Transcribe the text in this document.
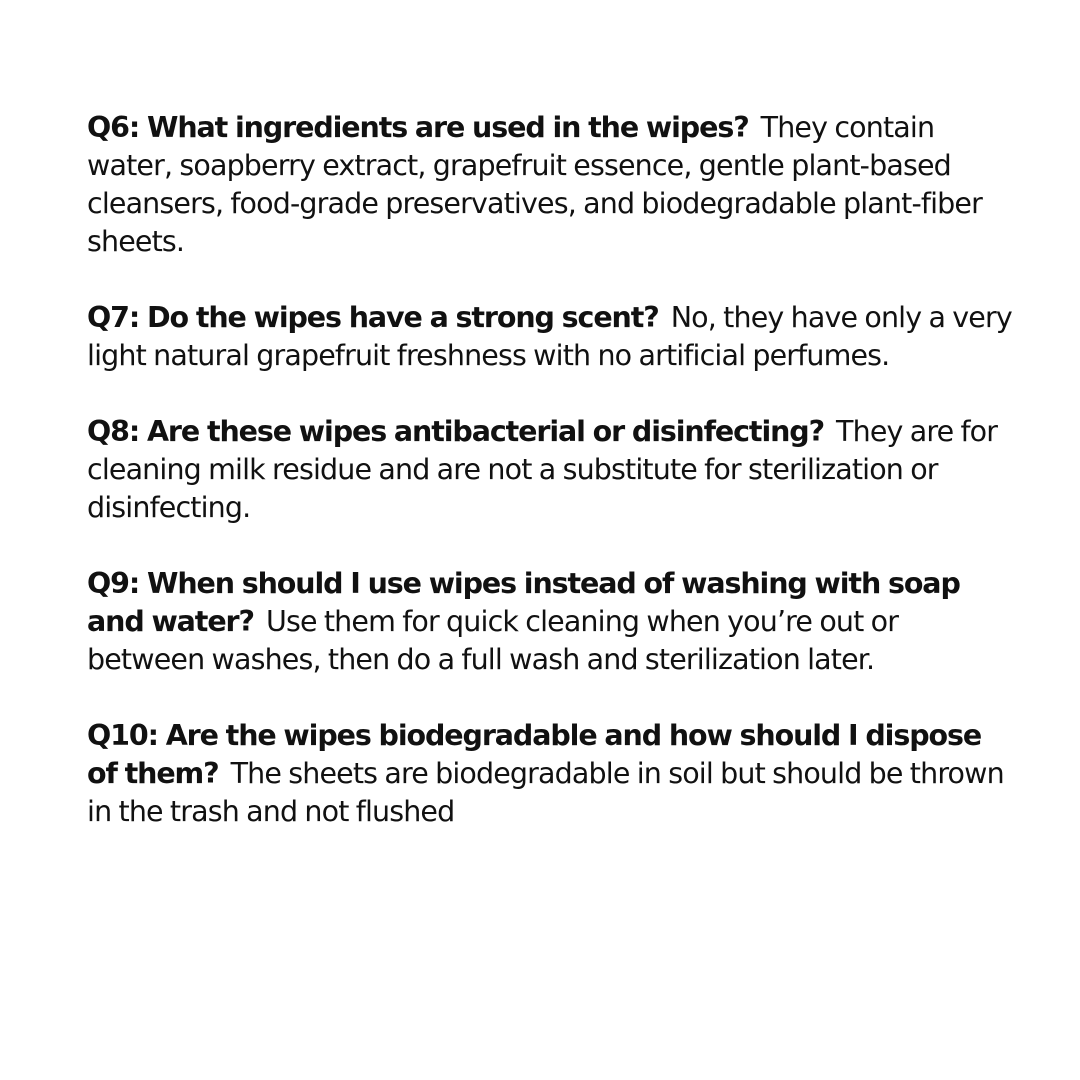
Q6: What ingredients are used in the wipes? They contain water, soapberry extract, grapefruit essence, gentle plant-based cleansers, food-grade preservatives, and biodegradable plant-fiber sheets.

Q7: Do the wipes have a strong scent? No, they have only a very light natural grapefruit freshness with no artificial perfumes.

Q8: Are these wipes antibacterial or disinfecting? They are for cleaning milk residue and are not a substitute for sterilization or disinfecting.

Q9: When should I use wipes instead of washing with soap and water? Use them for quick cleaning when you’re out or between washes, then do a full wash and sterilization later.

Q10: Are the wipes biodegradable and how should I dispose of them? The sheets are biodegradable in soil but should be thrown in the trash and not flushed
